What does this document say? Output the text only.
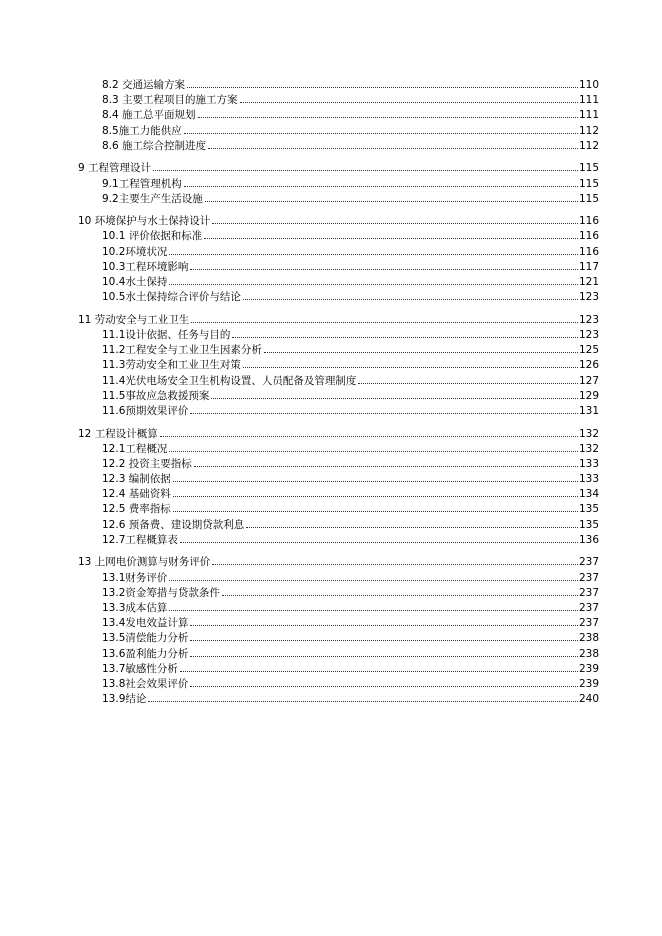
8.2 交通运输方案	110
8.3 主要工程项目的施工方案	111
8.4 施工总平面规划	111
8.5施工力能供应	112
8.6 施工综合控制进度	112
9 工程管理设计	115
9.1工程管理机构	115
9.2主要生产生活设施	115
10 环境保护与水土保持设计	116
10.1 评价依据和标准	116
10.2环境状况	116
10.3工程环境影响	117
10.4水土保持	121
10.5水土保持综合评价与结论	123
11 劳动安全与工业卫生	123
11.1设计依据、任务与目的	123
11.2工程安全与工业卫生因素分析	125
11.3劳动安全和工业卫生对策	126
11.4光伏电场安全卫生机构设置、人员配备及管理制度	127
11.5事故应急救援预案	129
11.6预期效果评价	131
12 工程设计概算	132
12.1工程概况	132
12.2 投资主要指标	133
12.3 编制依据	133
12.4 基础资料	134
12.5 费率指标	135
12.6 预备费、建设期贷款利息	135
12.7工程概算表	136
13 上网电价测算与财务评价	237
13.1财务评价	237
13.2资金筹措与贷款条件	237
13.3成本估算	237
13.4发电效益计算	237
13.5清偿能力分析	238
13.6盈利能力分析	238
13.7敏感性分析	239
13.8社会效果评价	239
13.9结论	240
